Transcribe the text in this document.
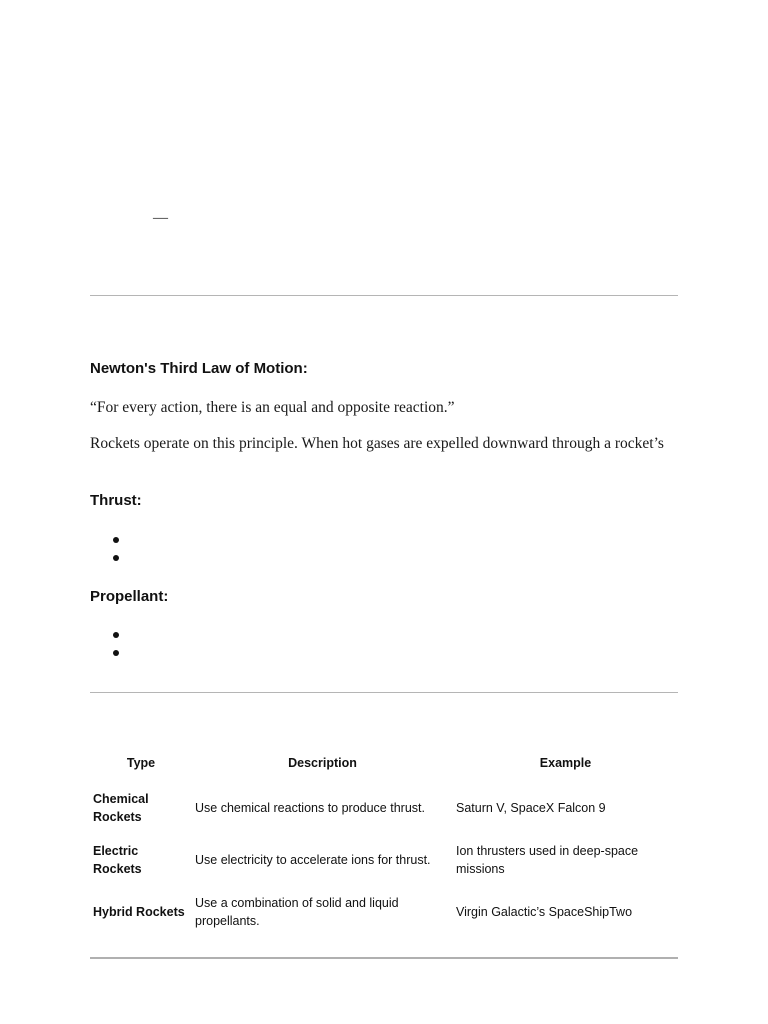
—
Newton's Third Law of Motion:
“For every action, there is an equal and opposite reaction.”
Rockets operate on this principle. When hot gases are expelled downward through a rocket’s
Thrust:
Propellant:
Type	Description	Example
Chemical Rockets	Use chemical reactions to produce thrust.	Saturn V, SpaceX Falcon 9
Electric Rockets	Use electricity to accelerate ions for thrust.	Ion thrusters used in deep-space missions
Hybrid Rockets	Use a combination of solid and liquid propellants.	Virgin Galactic’s SpaceShipTwo
